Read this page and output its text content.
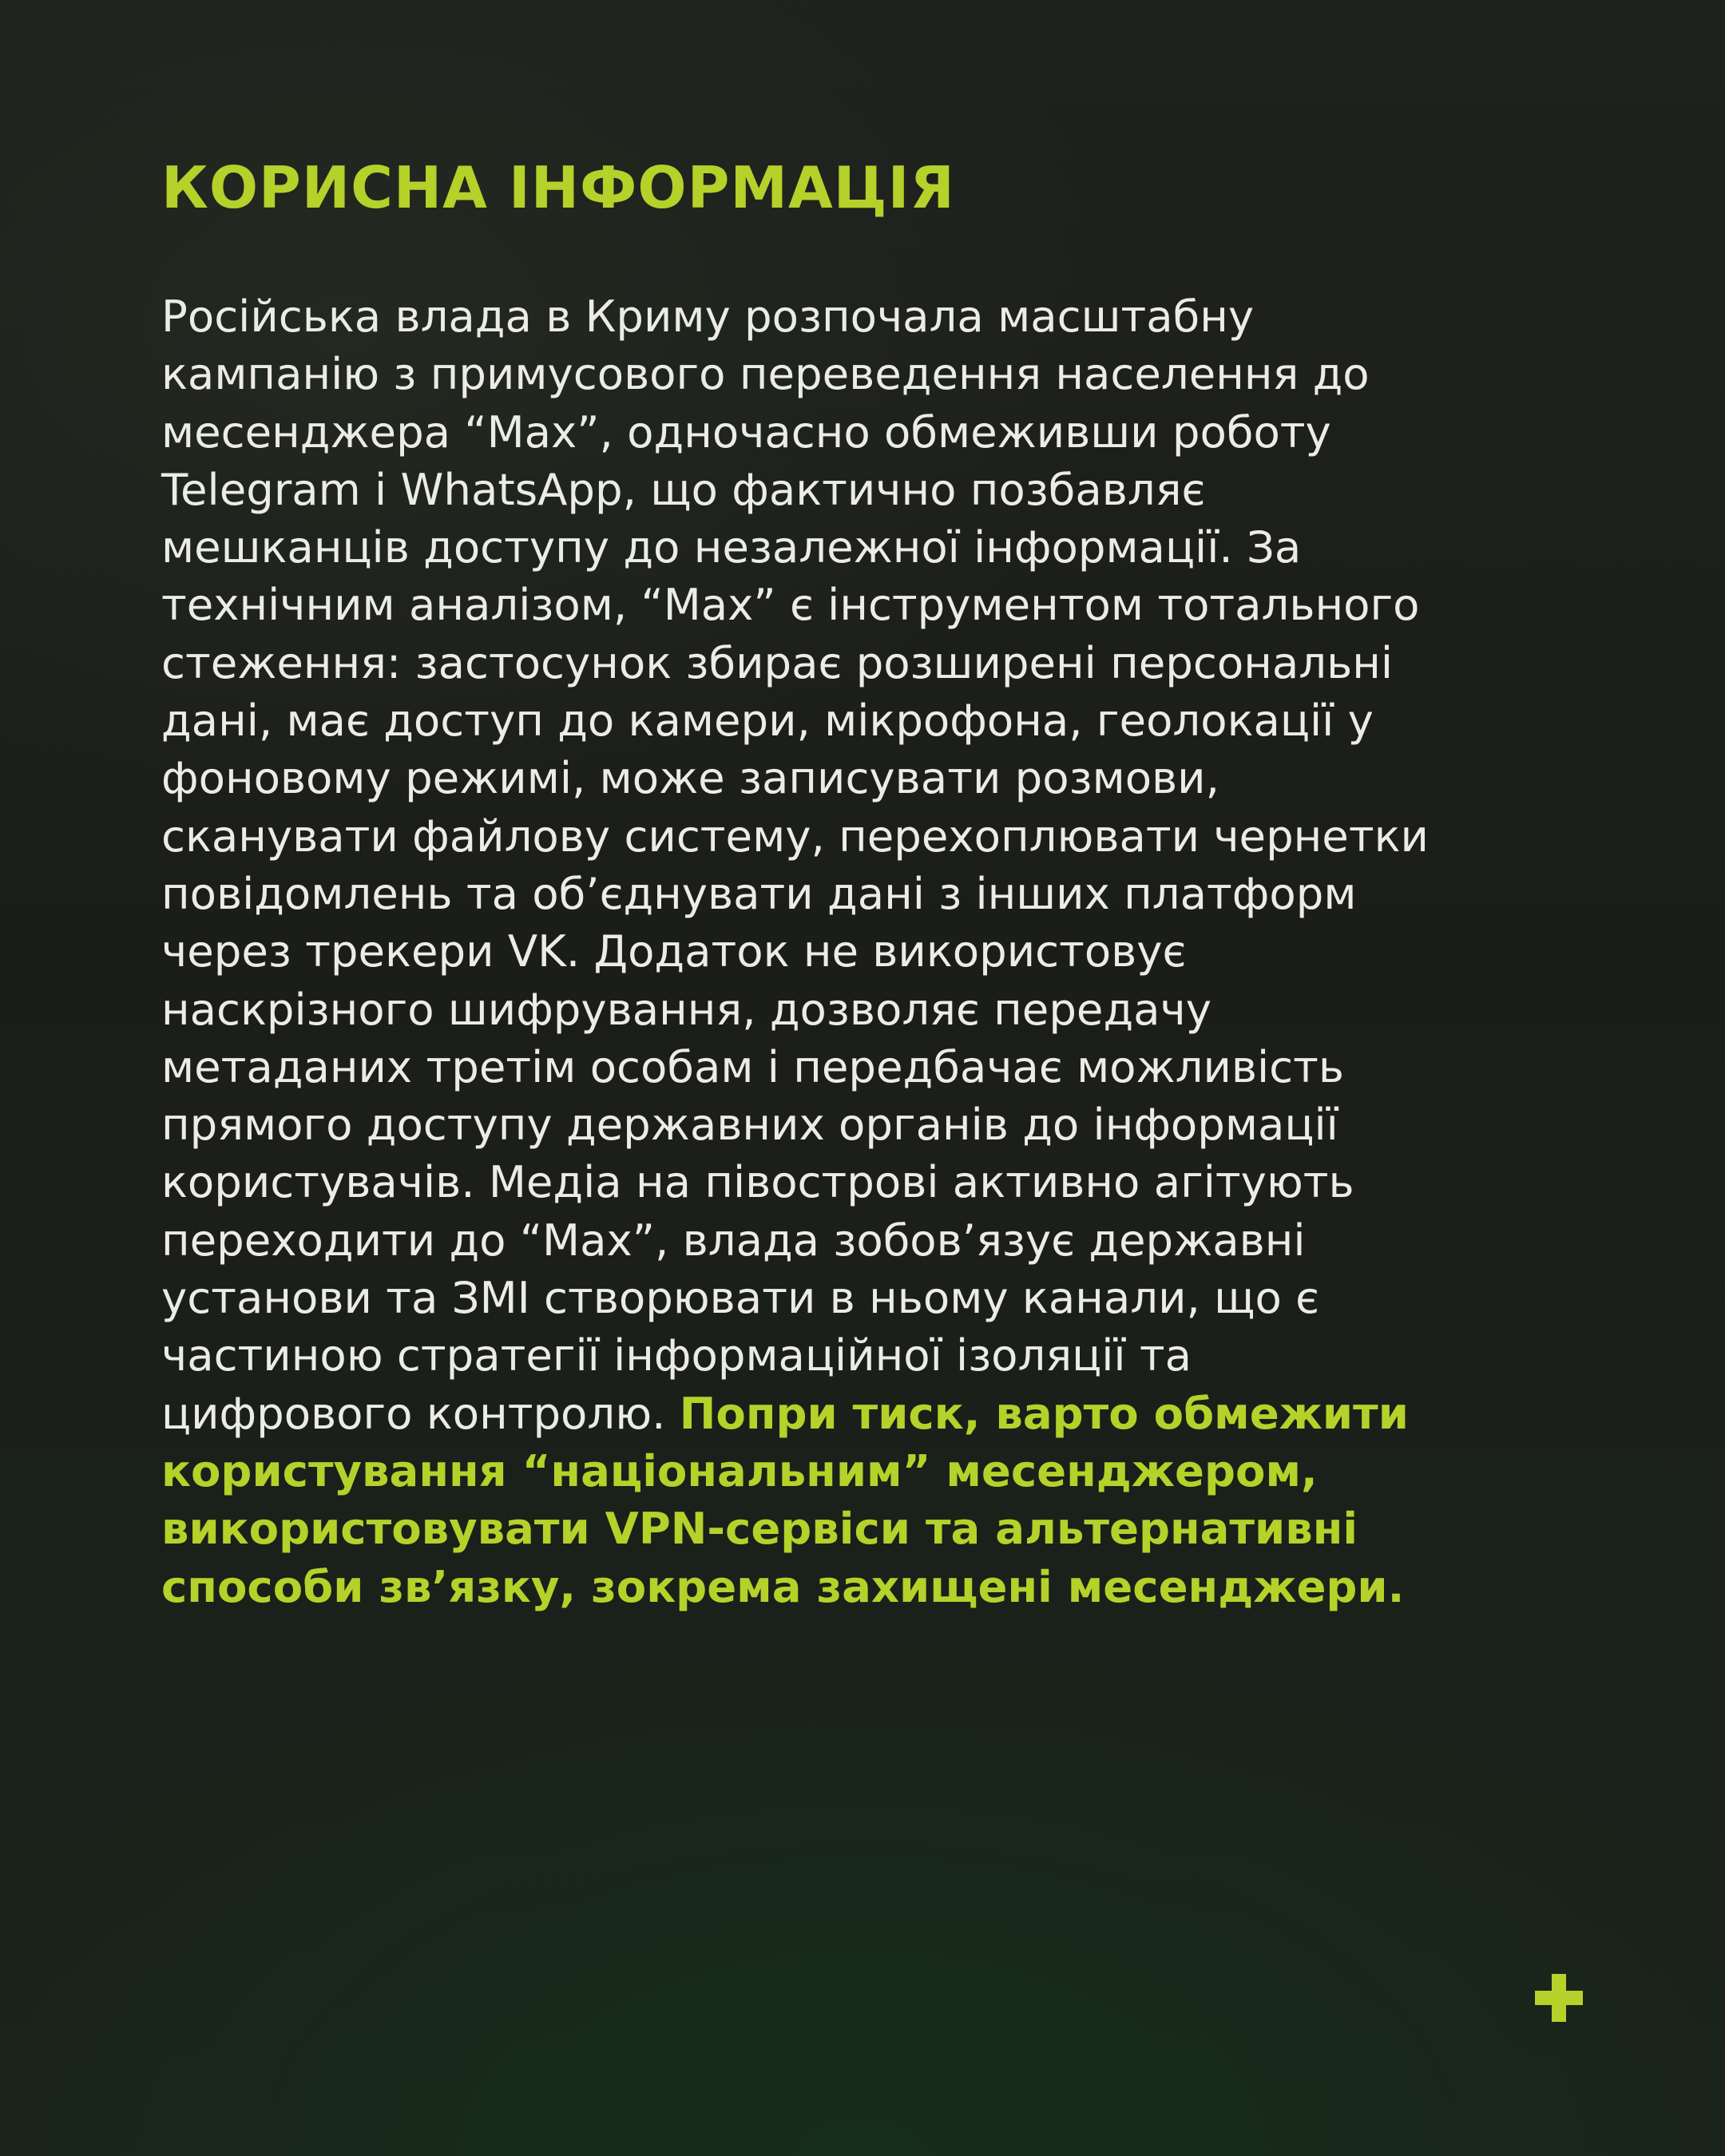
КОРИСНА ІНФОРМАЦІЯ

Російська влада в Криму розпочала масштабну
кампанію з примусового переведення населення до
месенджера “Мах”, одночасно обмеживши роботу
Telegram і WhatsApp, що фактично позбавляє
мешканців доступу до незалежної інформації. За
технічним аналізом, “Мах” є інструментом тотального
стеження: застосунок збирає розширені персональні
дані, має доступ до камери, мікрофона, геолокації у
фоновому режимі, може записувати розмови,
сканувати файлову систему, перехоплювати чернетки
повідомлень та об’єднувати дані з інших платформ
через трекери VK. Додаток не використовує
наскрізного шифрування, дозволяє передачу
метаданих третім особам і передбачає можливість
прямого доступу державних органів до інформації
користувачів. Медіа на півострові активно агітують
переходити до “Мах”, влада зобов’язує державні
установи та ЗМІ створювати в ньому канали, що є
частиною стратегії інформаційної ізоляції та
цифрового контролю. Попри тиск, варто обмежити
користування “національним” месенджером,
використовувати VPN-сервіси та альтернативні
способи зв’язку, зокрема захищені месенджери.
